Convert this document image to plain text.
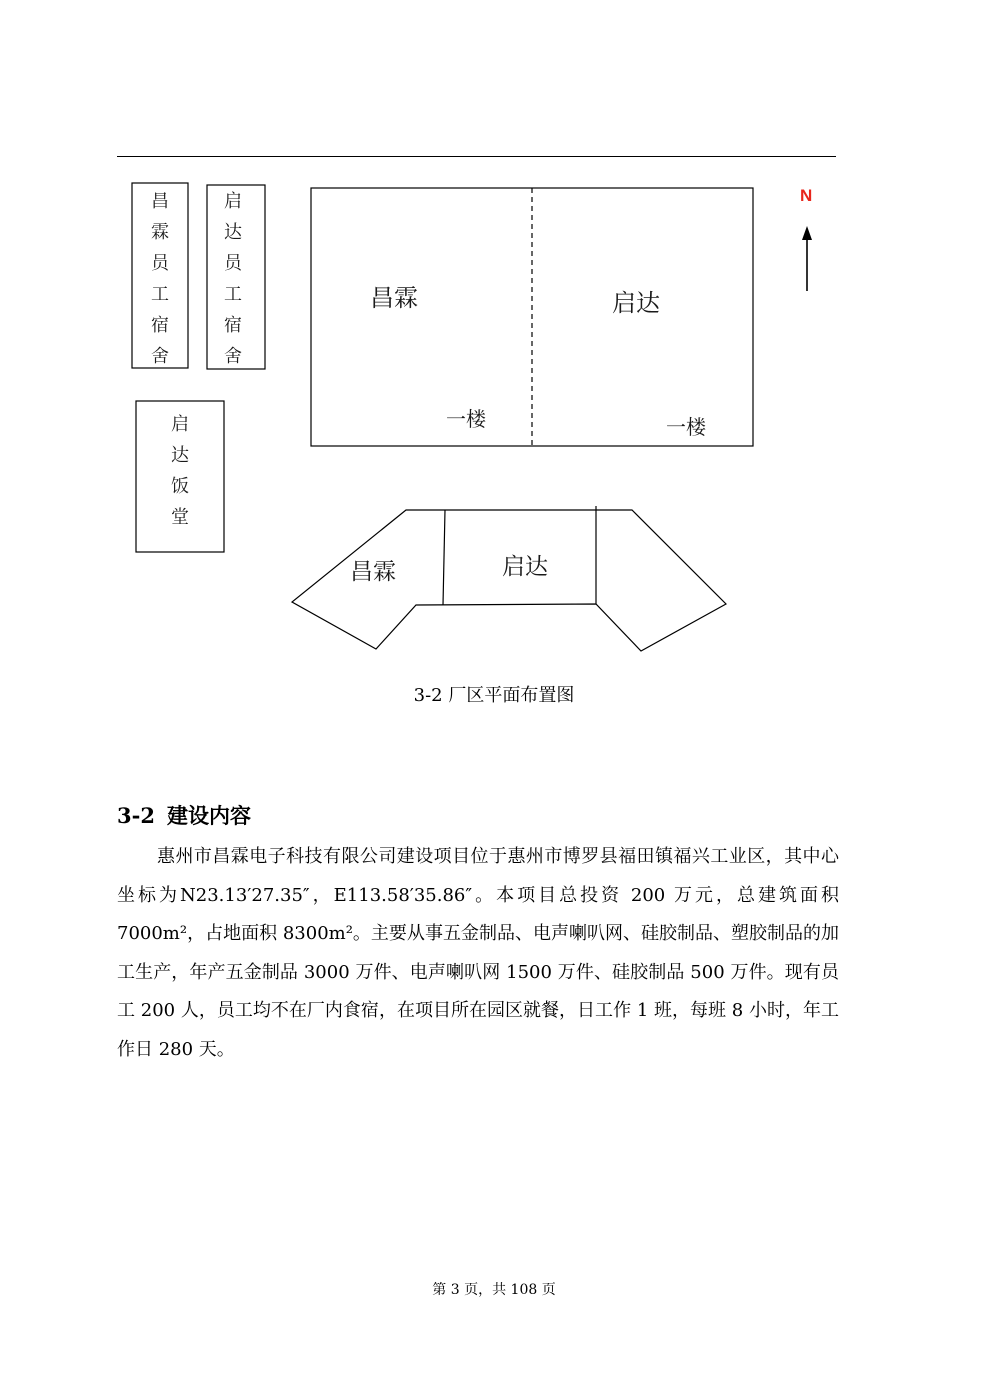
昌
霖
员
工
宿
舍
启
达
员
工
宿
舍
启
达
饭
堂
昌霖	启达
一楼	一楼
N
昌霖	启达
3-2 厂区平面布置图
3-2 建设内容

惠州市昌霖电子科技有限公司建设项目位于惠州市博罗县福田镇福兴工业区，其中心坐标为N23.13′27.35″，E113.58′35.86″。本项目总投资 200 万元，总建筑面积 7000m²，占地面积 8300m²。主要从事五金制品、电声喇叭网、硅胶制品、塑胶制品的加工生产，年产五金制品 3000 万件、电声喇叭网 1500 万件、硅胶制品 500 万件。现有员工 200 人，员工均不在厂内食宿，在项目所在园区就餐，日工作 1 班，每班 8 小时，年工作日 280 天。

第 3 页，共 108 页
